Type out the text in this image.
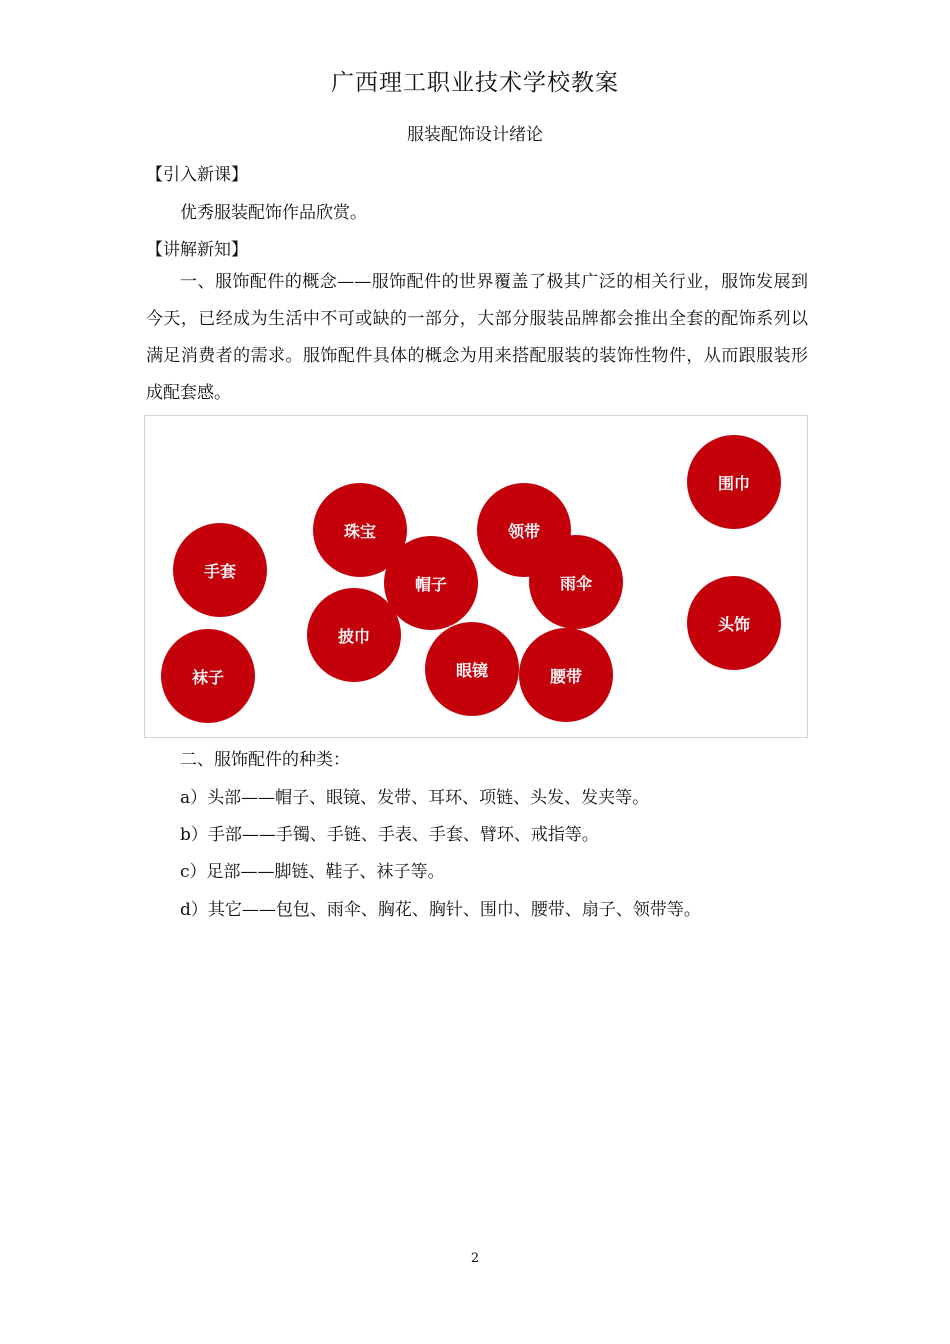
广西理工职业技术学校教案
服装配饰设计绪论
【引入新课】
优秀服装配饰作品欣赏。
【讲解新知】
一、服饰配件的概念——服饰配件的世界覆盖了极其广泛的相关行业，服饰发展到今天，已经成为生活中不可或缺的一部分，大部分服装品牌都会推出全套的配饰系列以满足消费者的需求。服饰配件具体的概念为用来搭配服装的装饰性物件，从而跟服装形成配套感。
手套
袜子
珠宝
披巾
帽子
领带
雨伞
眼镜	腰带
围巾
头饰
二、服饰配件的种类：
a）头部——帽子、眼镜、发带、耳环、项链、头发、发夹等。
b）手部——手镯、手链、手表、手套、臂环、戒指等。
c）足部——脚链、鞋子、袜子等。
d）其它——包包、雨伞、胸花、胸针、围巾、腰带、扇子、领带等。
2
